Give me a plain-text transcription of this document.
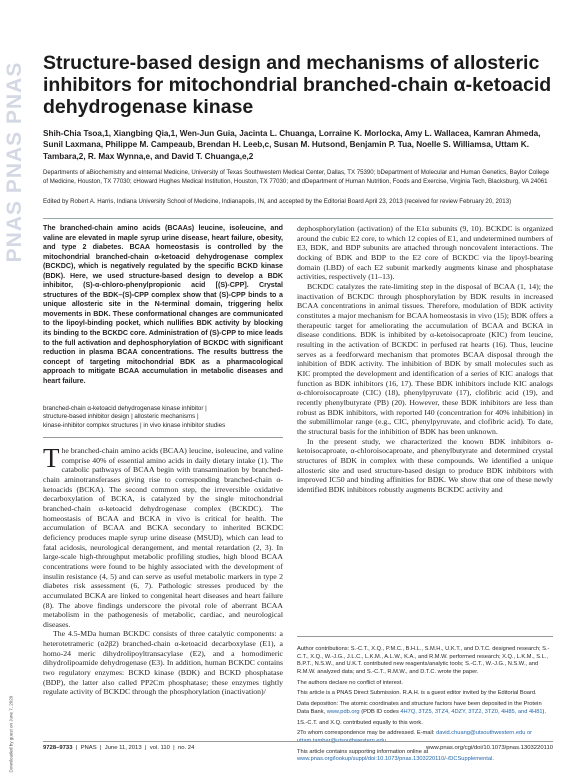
PNAS PNAS PNAS
Downloaded by guest on June 7, 2020
Structure-based design and mechanisms of allosteric inhibitors for mitochondrial branched-chain α-ketoacid dehydrogenase kinase

Shih-Chia Tsoa,1, Xiangbing Qia,1, Wen-Jun Guia, Jacinta L. Chuanga, Lorraine K. Morlocka, Amy L. Wallacea, Kamran Ahmeda, Sunil Laxmana, Philippe M. Campeaub, Brendan H. Leeb,c, Susan M. Hutsond, Benjamin P. Tua, Noelle S. Williamsa, Uttam K. Tambara,2, R. Max Wynna,e, and David T. Chuanga,e,2

Departments of aBiochemistry and eInternal Medicine, University of Texas Southwestern Medical Center, Dallas, TX 75390; bDepartment of Molecular and Human Genetics, Baylor College of Medicine, Houston, TX 77030; cHoward Hughes Medical Institution, Houston, TX 77030; and dDepartment of Human Nutrition, Foods and Exercise, Virginia Tech, Blacksburg, VA 24061

Edited by Robert A. Harris, Indiana University School of Medicine, Indianapolis, IN, and accepted by the Editorial Board April 23, 2013 (received for review February 20, 2013)

The branched-chain amino acids (BCAAs) leucine, isoleucine, and valine are elevated in maple syrup urine disease, heart failure, obesity, and type 2 diabetes. BCAA homeostasis is controlled by the mitochondrial branched-chain α-ketoacid dehydrogenase complex (BCKDC), which is negatively regulated by the specific BCKD kinase (BDK). Here, we used structure-based design to develop a BDK inhibitor, (S)-α-chloro-phenylpropionic acid [(S)-CPP]. Crystal structures of the BDK–(S)-CPP complex show that (S)-CPP binds to a unique allosteric site in the N-terminal domain, triggering helix movements in BDK. These conformational changes are communicated to the lipoyl-binding pocket, which nullifies BDK activity by blocking its binding to the BCKDC core. Administration of (S)-CPP to mice leads to the full activation and dephosphorylation of BCKDC with significant reduction in plasma BCAA concentrations. The results buttress the concept of targeting mitochondrial BDK as a pharmacological approach to mitigate BCAA accumulation in metabolic diseases and heart failure.

branched-chain α-ketoacid dehydrogenase kinase inhibitor | structure-based inhibitor design | allosteric mechanisms | kinase-inhibitor complex structures | in vivo kinase inhibitor studies

The branched-chain amino acids (BCAA) leucine, isoleucine, and valine comprise 40% of essential amino acids in daily dietary intake (1). The catabolic pathways of BCAA begin with transamination by branched-chain aminotransferases giving rise to corresponding branched-chain α-ketoacids (BCKA). The second common step, the irreversible oxidative decarboxylation of BCKA, is catalyzed by the single mitochondrial branched-chain α-ketoacid dehydrogenase complex (BCKDC). The homeostasis of BCAA and BCKA in vivo is critical for health. The accumulation of BCAA and BCKA secondary to inherited BCKDC deficiency produces maple syrup urine disease (MSUD), which can lead to fatal acidosis, neurological derangement, and mental retardation (2, 3). In large-scale high-throughput metabolic profiling studies, high blood BCAA concentrations were found to be highly associated with the development of insulin resistance (4, 5) and can serve as useful metabolic markers in type 2 diabetes risk assessment (6, 7). Pathologic stresses produced by the accumulated BCKA are linked to congenital heart diseases and heart failure (8). The above findings underscore the pivotal role of aberrant BCAA metabolism in the pathogenesis of metabolic, cardiac, and neurological diseases.

The 4.5-MDa human BCKDC consists of three catalytic components: a heterotetrameric (α2β2) branched-chain α-ketoacid decarboxylase (E1), a homo-24 meric dihydrolipoyltransacylase (E2), and a homodimeric dihydrolipoamide dehydrogenase (E3). In addition, human BCKDC contains two regulatory enzymes: BCKD kinase (BDK) and BCKD phosphatase (BDP), the latter also called PP2Cm phosphatase; these enzymes tightly regulate activity of BCKDC through the phosphorylation (inactivation)/

dephosphorylation (activation) of the E1α subunits (9, 10). BCKDC is organized around the cubic E2 core, to which 12 copies of E1, and undetermined numbers of E3, BDK, and BDP subunits are attached through noncovalent interactions. The docking of BDK and BDP to the E2 core of BCKDC via the lipoyl-bearing domain (LBD) of each E2 subunit markedly augments kinase and phosphatase activities, respectively (11–13).

BCKDC catalyzes the rate-limiting step in the disposal of BCAA (1, 14); the inactivation of BCKDC through phosphorylation by BDK results in increased BCAA concentrations in animal tissues. Therefore, modulation of BDK activity constitutes a major mechanism for BCAA homeostasis in vivo (15); BDK offers a therapeutic target for ameliorating the accumulation of BCAA and BCKA in disease conditions. BDK is inhibited by α-ketoisocaproate (KIC) from leucine, resulting in the activation of BCKDC in perfused rat hearts (16). Thus, leucine serves as a feedforward mechanism that promotes BCAA disposal through the inhibition of BDK activity. The inhibition of BDK by small molecules such as KIC prompted the development and identification of a series of KIC analogs that function as BDK inhibitors (16, 17). These BDK inhibitors include KIC analogs α-chloroisocaproate (CIC) (18), phenylpyruvate (17), clofibric acid (19), and recently phenylbutyrate (PB) (20). However, these BDK inhibitors are less than robust as BDK inhibitors, with reported I40 (concentration for 40% inhibition) in the submillimolar range (e.g., CIC, phenylpyruvate, and clofibric acid). To date, the structural basis for the inhibition of BDK has been unknown.

In the present study, we characterized the known BDK inhibitors α-ketoisocaproate, α-chloroisocaproate, and phenylbutyrate and determined crystal structures of BDK in complex with these compounds. We identified a unique allosteric site and used structure-based design to produce BDK inhibitors with improved IC50 and binding affinities for BDK. We show that one of these newly identified BDK inhibitors robustly augments BCKDC activity and

Author contributions: S.-C.T., X.Q., P.M.C., B.H.L., S.M.H., U.K.T., and D.T.C. designed research; S.-C.T., X.Q., W.-J.G., J.L.C., L.K.M., A.L.W., K.A., and R.M.W. performed research; X.Q., L.K.M., S.L., B.P.T., N.S.W., and U.K.T. contributed new reagents/analytic tools; S.-C.T., W.-J.G., N.S.W., and R.M.W. analyzed data; and S.-C.T., R.M.W., and D.T.C. wrote the paper.

The authors declare no conflict of interest.

This article is a PNAS Direct Submission. R.A.H. is a guest editor invited by the Editorial Board.

Data deposition: The atomic coordinates and structure factors have been deposited in the Protein Data Bank, www.pdb.org (PDB ID codes 4H7Q, 3TZ5, 3TZ4, 4DZY, 3TZ2, 3TZ0, 4H85, and 4H81).

1S.-C.T. and X.Q. contributed equally to this work.

2To whom correspondence may be addressed. E-mail: david.chuang@utsouthwestern.edu or uttam.tambar@utsouthwestern.edu.

This article contains supporting information online at www.pnas.org/lookup/suppl/doi:10.1073/pnas.1303220110/-/DCSupplemental.

9728–9733  |  PNAS  |  June 11, 2013  |  vol. 110  |  no. 24	www.pnas.org/cgi/doi/10.1073/pnas.1303220110
